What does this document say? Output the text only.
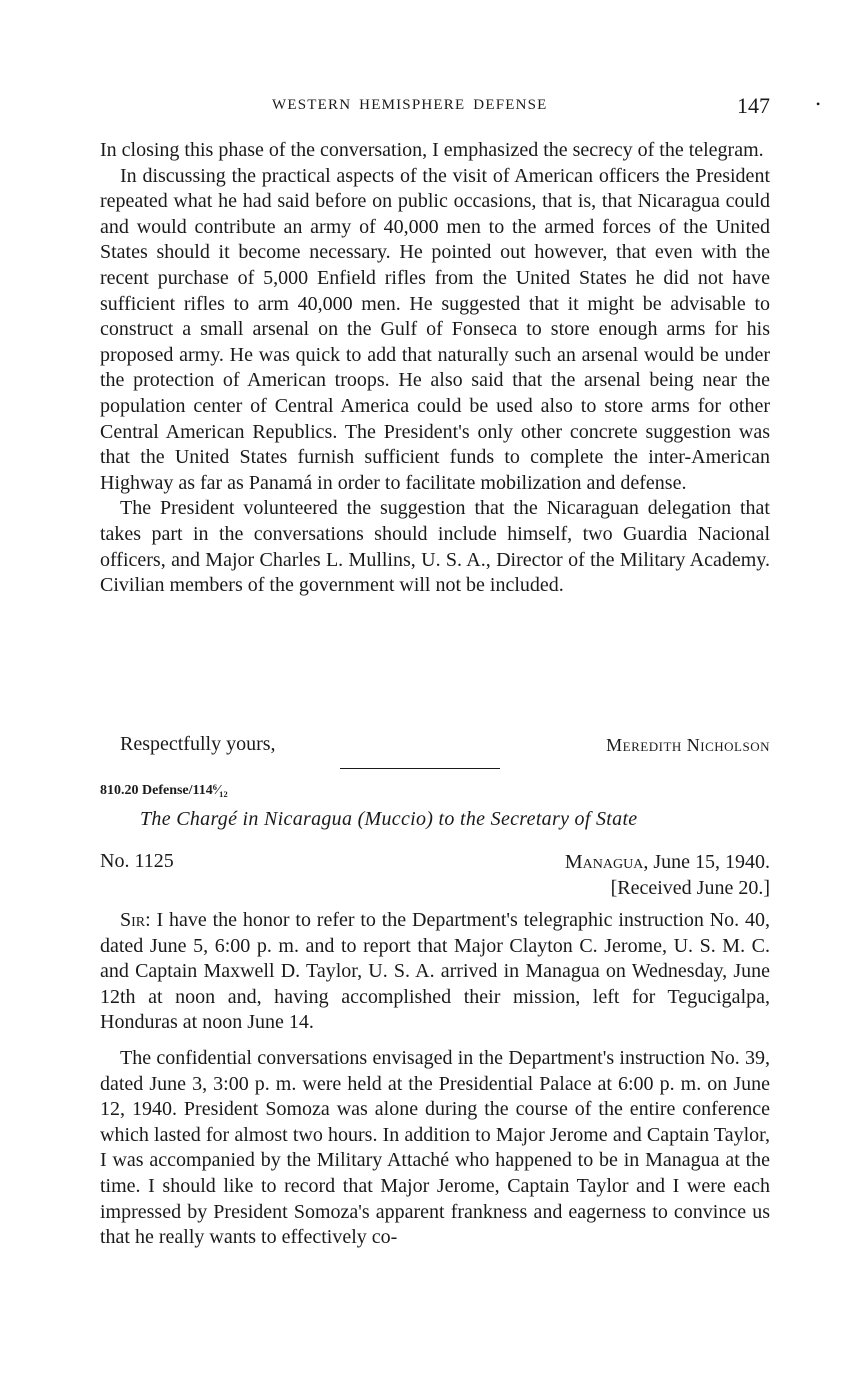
WESTERN HEMISPHERE DEFENSE	147	•

In closing this phase of the conversation, I emphasized the secrecy of the telegram.

In discussing the practical aspects of the visit of American officers the President repeated what he had said before on public occasions, that is, that Nicaragua could and would contribute an army of 40,000 men to the armed forces of the United States should it become necessary. He pointed out however, that even with the recent purchase of 5,000 Enfield rifles from the United States he did not have sufficient rifles to arm 40,000 men. He suggested that it might be advisable to construct a small arsenal on the Gulf of Fonseca to store enough arms for his proposed army. He was quick to add that naturally such an arsenal would be under the protection of American troops. He also said that the arsenal being near the population center of Central America could be used also to store arms for other Central American Republics. The President's only other concrete suggestion was that the United States furnish sufficient funds to complete the inter-American Highway as far as Panamá in order to facilitate mobilization and defense.

The President volunteered the suggestion that the Nicaraguan delegation that takes part in the conversations should include himself, two Guardia Nacional officers, and Major Charles L. Mullins, U. S. A., Director of the Military Academy. Civilian members of the government will not be included.

Respectfully yours,	Meredith Nicholson
810.20 Defense/114⁶⁄₁₂
The Chargé in Nicaragua (Muccio) to the Secretary of State
No. 1125	Managua, June 15, 1940.
[Received June 20.]

Sir: I have the honor to refer to the Department's telegraphic instruction No. 40, dated June 5, 6:00 p. m. and to report that Major Clayton C. Jerome, U. S. M. C. and Captain Maxwell D. Taylor, U. S. A. arrived in Managua on Wednesday, June 12th at noon and, having accomplished their mission, left for Tegucigalpa, Honduras at noon June 14.

The confidential conversations envisaged in the Department's instruction No. 39, dated June 3, 3:00 p. m. were held at the Presidential Palace at 6:00 p. m. on June 12, 1940. President Somoza was alone during the course of the entire conference which lasted for almost two hours. In addition to Major Jerome and Captain Taylor, I was accompanied by the Military Attaché who happened to be in Managua at the time. I should like to record that Major Jerome, Captain Taylor and I were each impressed by President Somoza's apparent frankness and eagerness to convince us that he really wants to effectively co-
